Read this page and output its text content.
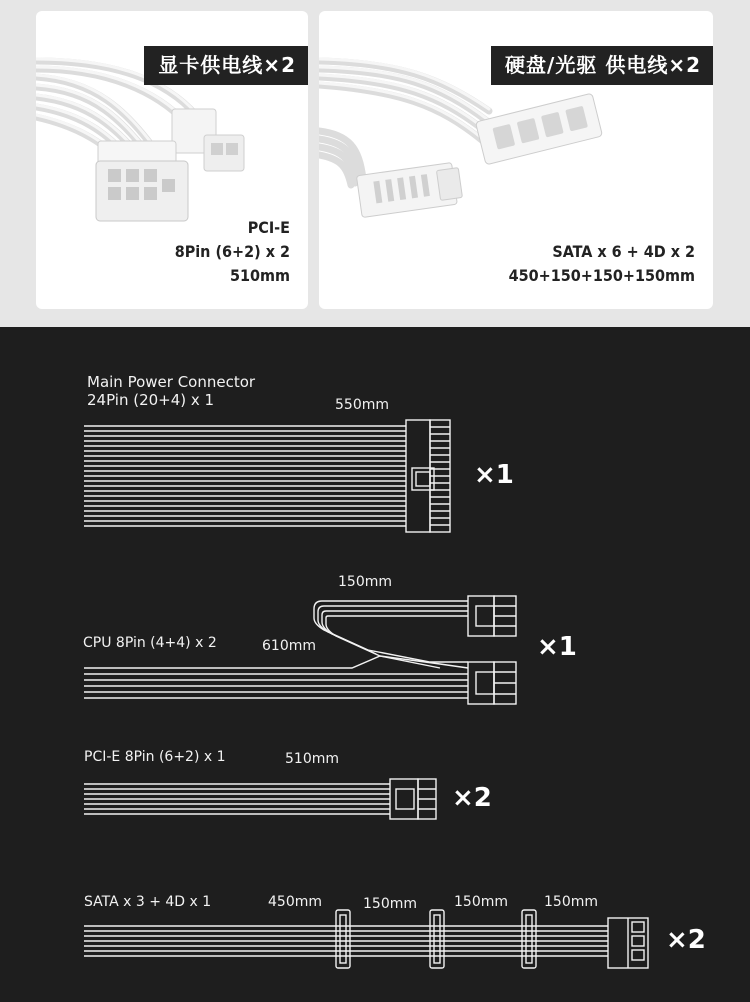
显卡供电线×2
PCI-E
8Pin (6+2) x 2
510mm
硬盘/光驱 供电线×2
SATA x 6 + 4D x 2
450+150+150+150mm
Main Power Connector
24Pin (20+4) x 1	550mm
×1
150mm
CPU 8Pin (4+4) x 2	610mm	×1
PCI-E 8Pin (6+2) x 1	510mm
×2
SATA x 3 + 4D x 1	450mm	150mm	150mm	150mm
×2
